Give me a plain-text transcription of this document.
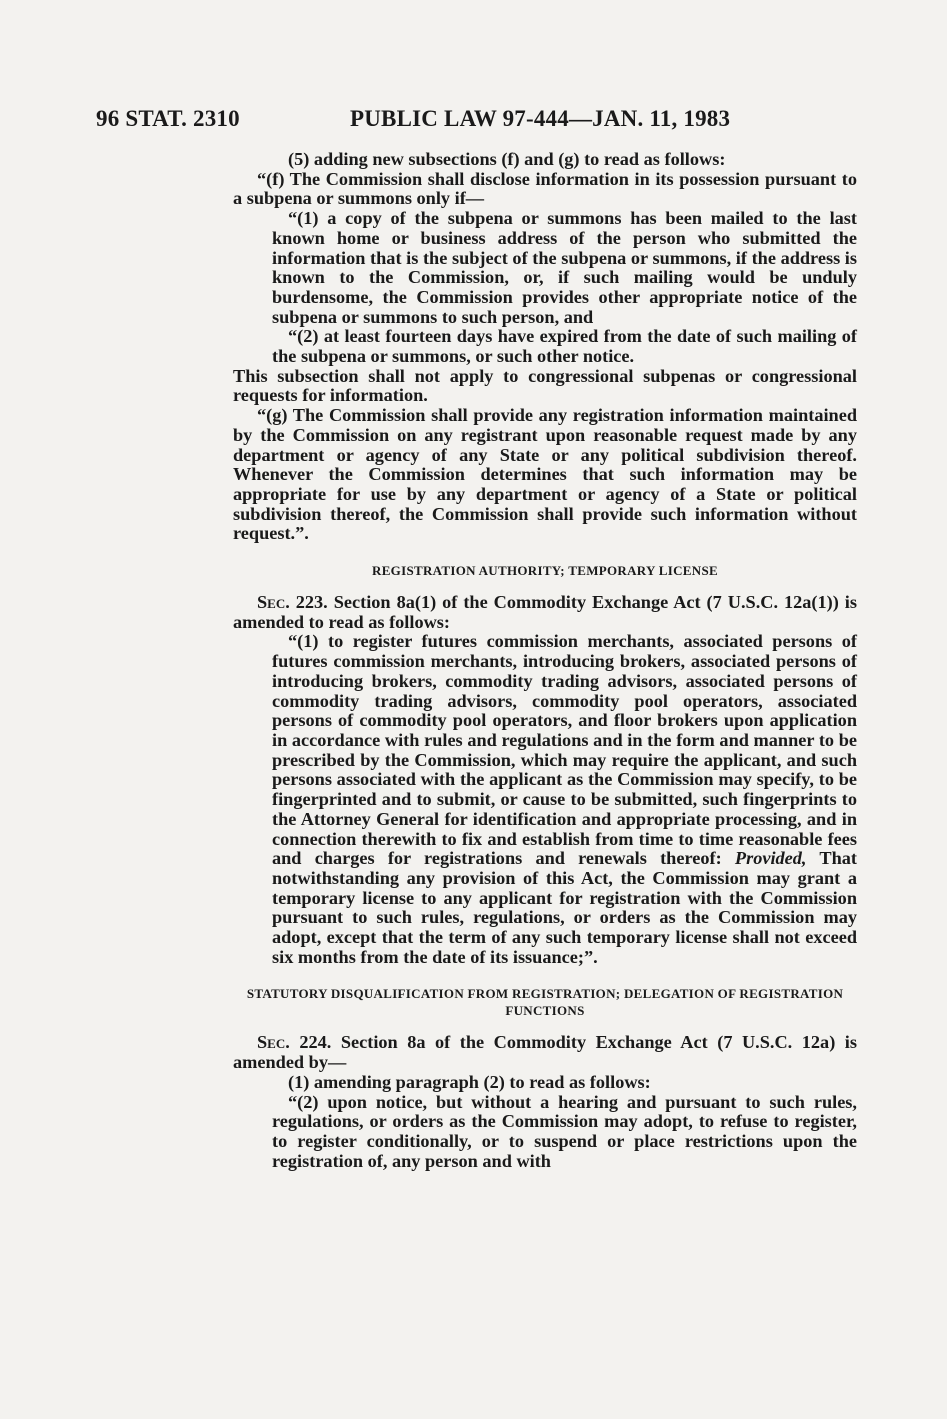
96 STAT. 2310	PUBLIC LAW 97-444—JAN. 11, 1983

(5) adding new subsections (f) and (g) to read as follows:

“(f) The Commission shall disclose information in its possession pursuant to a subpena or summons only if—

“(1) a copy of the subpena or summons has been mailed to the last known home or business address of the person who submitted the information that is the subject of the subpena or summons, if the address is known to the Commission, or, if such mailing would be unduly burdensome, the Commission provides other appropriate notice of the subpena or summons to such person, and

“(2) at least fourteen days have expired from the date of such mailing of the subpena or summons, or such other notice.

This subsection shall not apply to congressional subpenas or congressional requests for information.

“(g) The Commission shall provide any registration information maintained by the Commission on any registrant upon reasonable request made by any department or agency of any State or any political subdivision thereof. Whenever the Commission determines that such information may be appropriate for use by any department or agency of a State or political subdivision thereof, the Commission shall provide such information without request.”.

REGISTRATION AUTHORITY; TEMPORARY LICENSE

Sec. 223. Section 8a(1) of the Commodity Exchange Act (7 U.S.C. 12a(1)) is amended to read as follows:

“(1) to register futures commission merchants, associated persons of futures commission merchants, introducing brokers, associated persons of introducing brokers, commodity trading advisors, associated persons of commodity trading advisors, commodity pool operators, associated persons of commodity pool operators, and floor brokers upon application in accordance with rules and regulations and in the form and manner to be prescribed by the Commission, which may require the applicant, and such persons associated with the applicant as the Commission may specify, to be fingerprinted and to submit, or cause to be submitted, such fingerprints to the Attorney General for identification and appropriate processing, and in connection therewith to fix and establish from time to time reasonable fees and charges for registrations and renewals thereof: Provided, That notwithstanding any provision of this Act, the Commission may grant a temporary license to any applicant for registration with the Commission pursuant to such rules, regulations, or orders as the Commission may adopt, except that the term of any such temporary license shall not exceed six months from the date of its issuance;”.

STATUTORY DISQUALIFICATION FROM REGISTRATION; DELEGATION OF REGISTRATION FUNCTIONS

Sec. 224. Section 8a of the Commodity Exchange Act (7 U.S.C. 12a) is amended by—

(1) amending paragraph (2) to read as follows:

“(2) upon notice, but without a hearing and pursuant to such rules, regulations, or orders as the Commission may adopt, to refuse to register, to register conditionally, or to suspend or place restrictions upon the registration of, any person and with
